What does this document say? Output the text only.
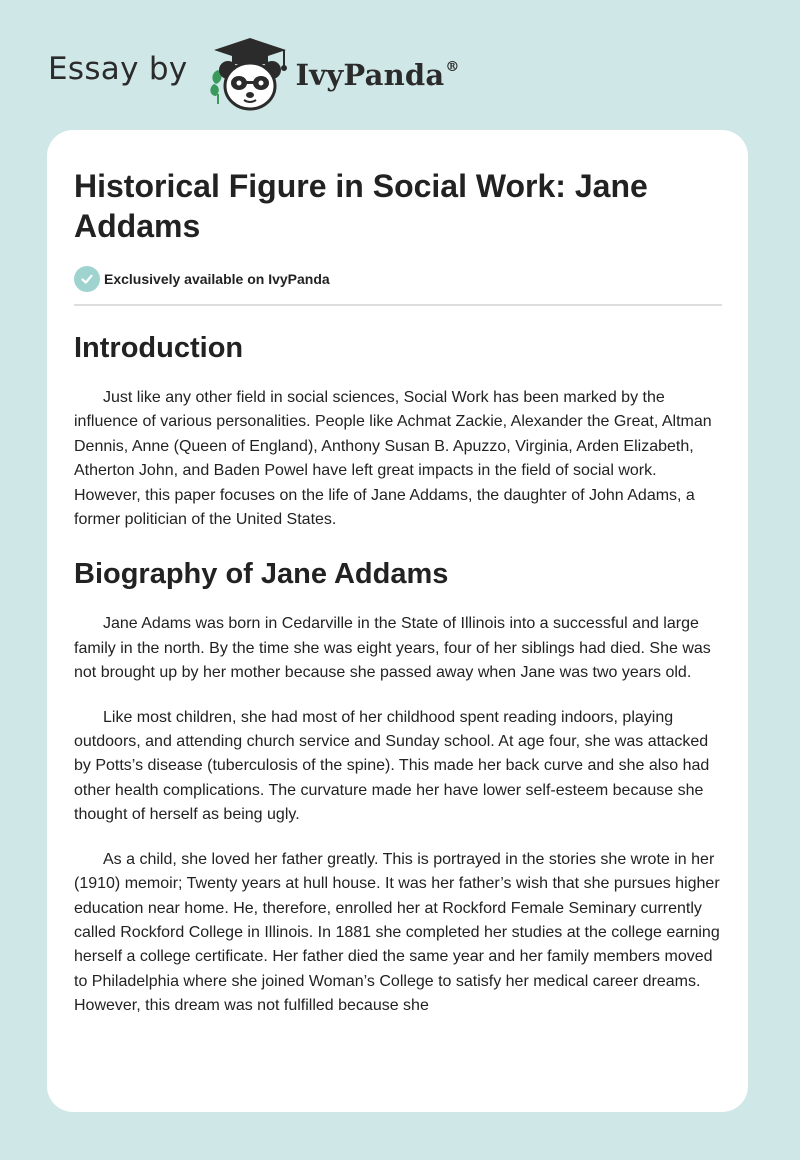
Essay by	IvyPanda®
Historical Figure in Social Work: Jane Addams
Exclusively available on IvyPanda
Introduction

Just like any other field in social sciences, Social Work has been marked by the influence of various personalities. People like Achmat Zackie, Alexander the Great, Altman Dennis, Anne (Queen of England), Anthony Susan B. Apuzzo, Virginia, Arden Elizabeth, Atherton John, and Baden Powel have left great impacts in the field of social work. However, this paper focuses on the life of Jane Addams, the daughter of John Adams, a former politician of the United States.

Biography of Jane Addams

Jane Adams was born in Cedarville in the State of Illinois into a successful and large family in the north. By the time she was eight years, four of her siblings had died. She was not brought up by her mother because she passed away when Jane was two years old.

Like most children, she had most of her childhood spent reading indoors, playing outdoors, and attending church service and Sunday school. At age four, she was attacked by Potts’s disease (tuberculosis of the spine). This made her back curve and she also had other health complications. The curvature made her have lower self-esteem because she thought of herself as being ugly.

As a child, she loved her father greatly. This is portrayed in the stories she wrote in her (1910) memoir; Twenty years at hull house. It was her father’s wish that she pursues higher education near home. He, therefore, enrolled her at Rockford Female Seminary currently called Rockford College in Illinois. In 1881 she completed her studies at the college earning herself a college certificate. Her father died the same year and her family members moved to Philadelphia where she joined Woman’s College to satisfy her medical career dreams. However, this dream was not fulfilled because she
